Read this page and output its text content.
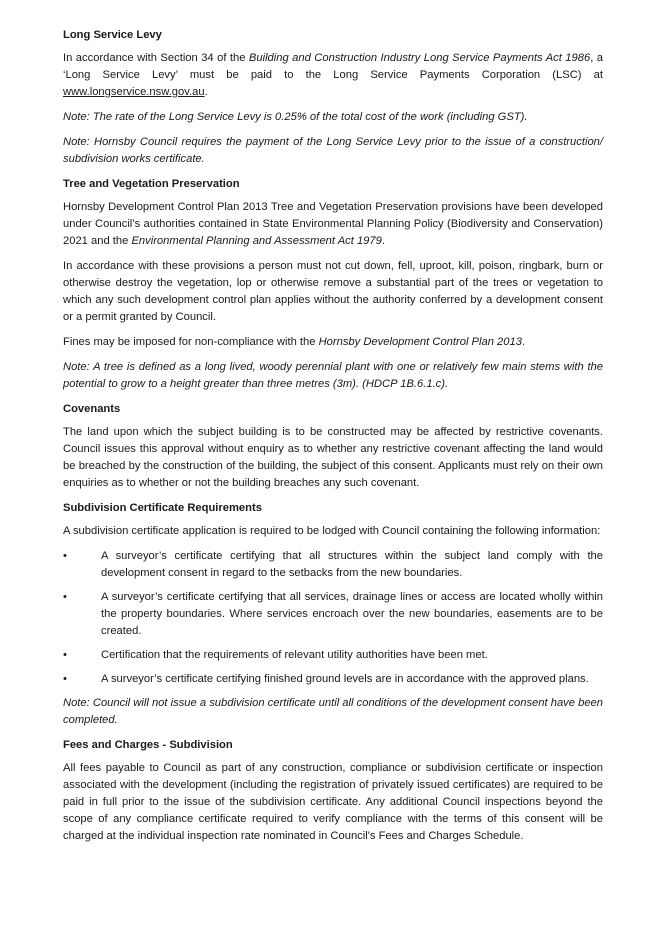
Long Service Levy

In accordance with Section 34 of the Building and Construction Industry Long Service Payments Act 1986, a ‘Long Service Levy’ must be paid to the Long Service Payments Corporation (LSC) at www.longservice.nsw.gov.au.

Note: The rate of the Long Service Levy is 0.25% of the total cost of the work (including GST).

Note: Hornsby Council requires the payment of the Long Service Levy prior to the issue of a construction/ subdivision works certificate.

Tree and Vegetation Preservation

Hornsby Development Control Plan 2013 Tree and Vegetation Preservation provisions have been developed under Council’s authorities contained in State Environmental Planning Policy (Biodiversity and Conservation) 2021 and the Environmental Planning and Assessment Act 1979.

In accordance with these provisions a person must not cut down, fell, uproot, kill, poison, ringbark, burn or otherwise destroy the vegetation, lop or otherwise remove a substantial part of the trees or vegetation to which any such development control plan applies without the authority conferred by a development consent or a permit granted by Council.

Fines may be imposed for non-compliance with the Hornsby Development Control Plan 2013.

Note: A tree is defined as a long lived, woody perennial plant with one or relatively few main stems with the potential to grow to a height greater than three metres (3m). (HDCP 1B.6.1.c).

Covenants

The land upon which the subject building is to be constructed may be affected by restrictive covenants. Council issues this approval without enquiry as to whether any restrictive covenant affecting the land would be breached by the construction of the building, the subject of this consent. Applicants must rely on their own enquiries as to whether or not the building breaches any such covenant.

Subdivision Certificate Requirements

A subdivision certificate application is required to be lodged with Council containing the following information:

•	A surveyor’s certificate certifying that all structures within the subject land comply with the development consent in regard to the setbacks from the new boundaries.
•	A surveyor’s certificate certifying that all services, drainage lines or access are located wholly within the property boundaries. Where services encroach over the new boundaries, easements are to be created.
•	Certification that the requirements of relevant utility authorities have been met.
•	A surveyor’s certificate certifying finished ground levels are in accordance with the approved plans.

Note: Council will not issue a subdivision certificate until all conditions of the development consent have been completed.

Fees and Charges - Subdivision

All fees payable to Council as part of any construction, compliance or subdivision certificate or inspection associated with the development (including the registration of privately issued certificates) are required to be paid in full prior to the issue of the subdivision certificate. Any additional Council inspections beyond the scope of any compliance certificate required to verify compliance with the terms of this consent will be charged at the individual inspection rate nominated in Council's Fees and Charges Schedule.
